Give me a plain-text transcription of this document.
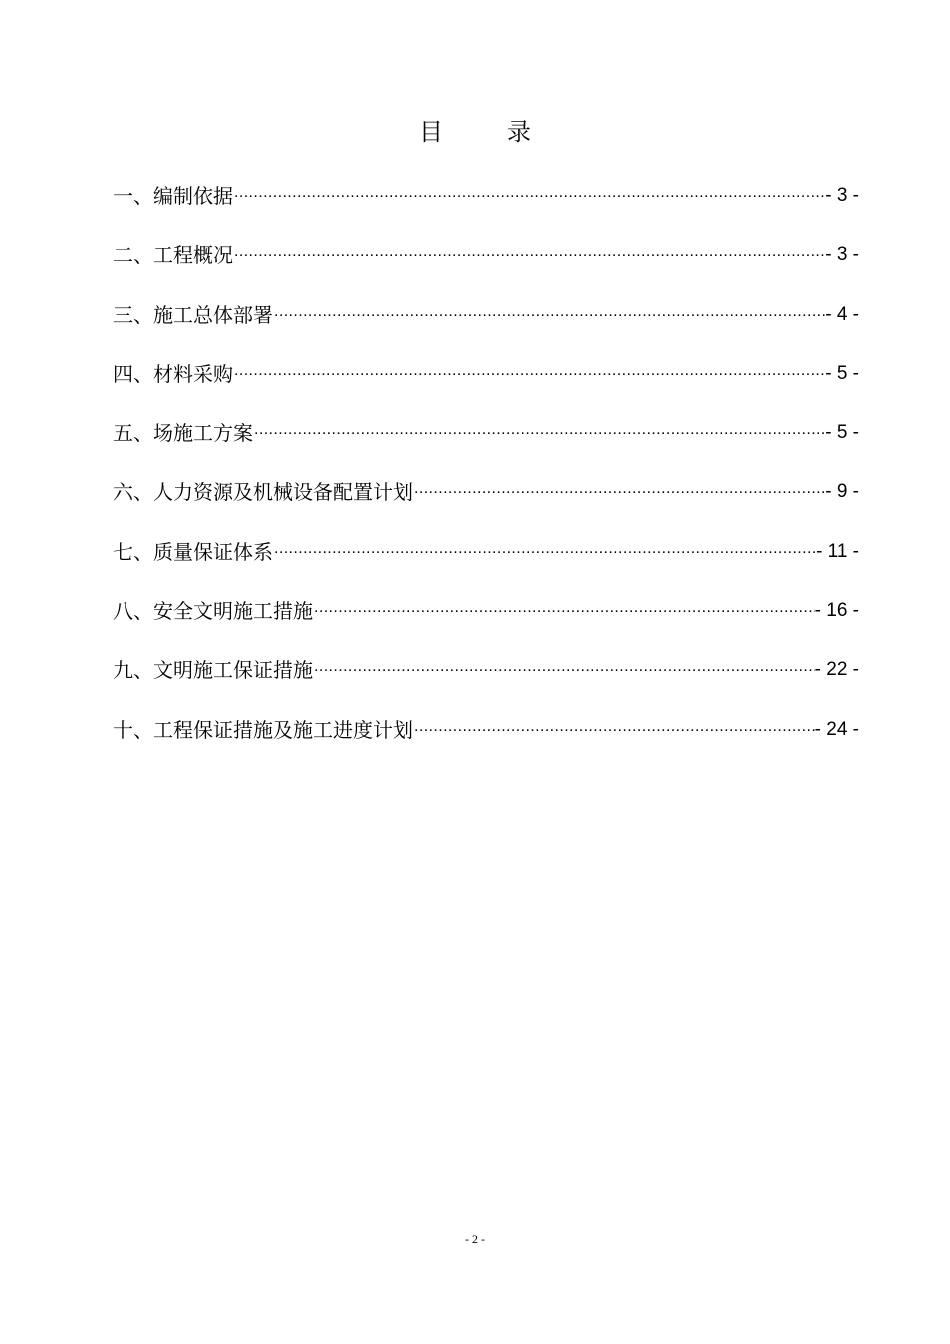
目	录
一、编制依据 .....	- 3 -
二、工程概况 .....	- 3 -
三、施工总体部署 .....	- 4 -
四、材料采购 .....	- 5 -
五、场施工方案 .....	- 5 -
六、人力资源及机械设备配置计划 .....	- 9 -
七、质量保证体系 .....	- 11 -
八、安全文明施工措施 .....	- 16 -
九、文明施工保证措施 .....	- 22 -
十、工程保证措施及施工进度计划 .....	- 24 -
- 2 -
